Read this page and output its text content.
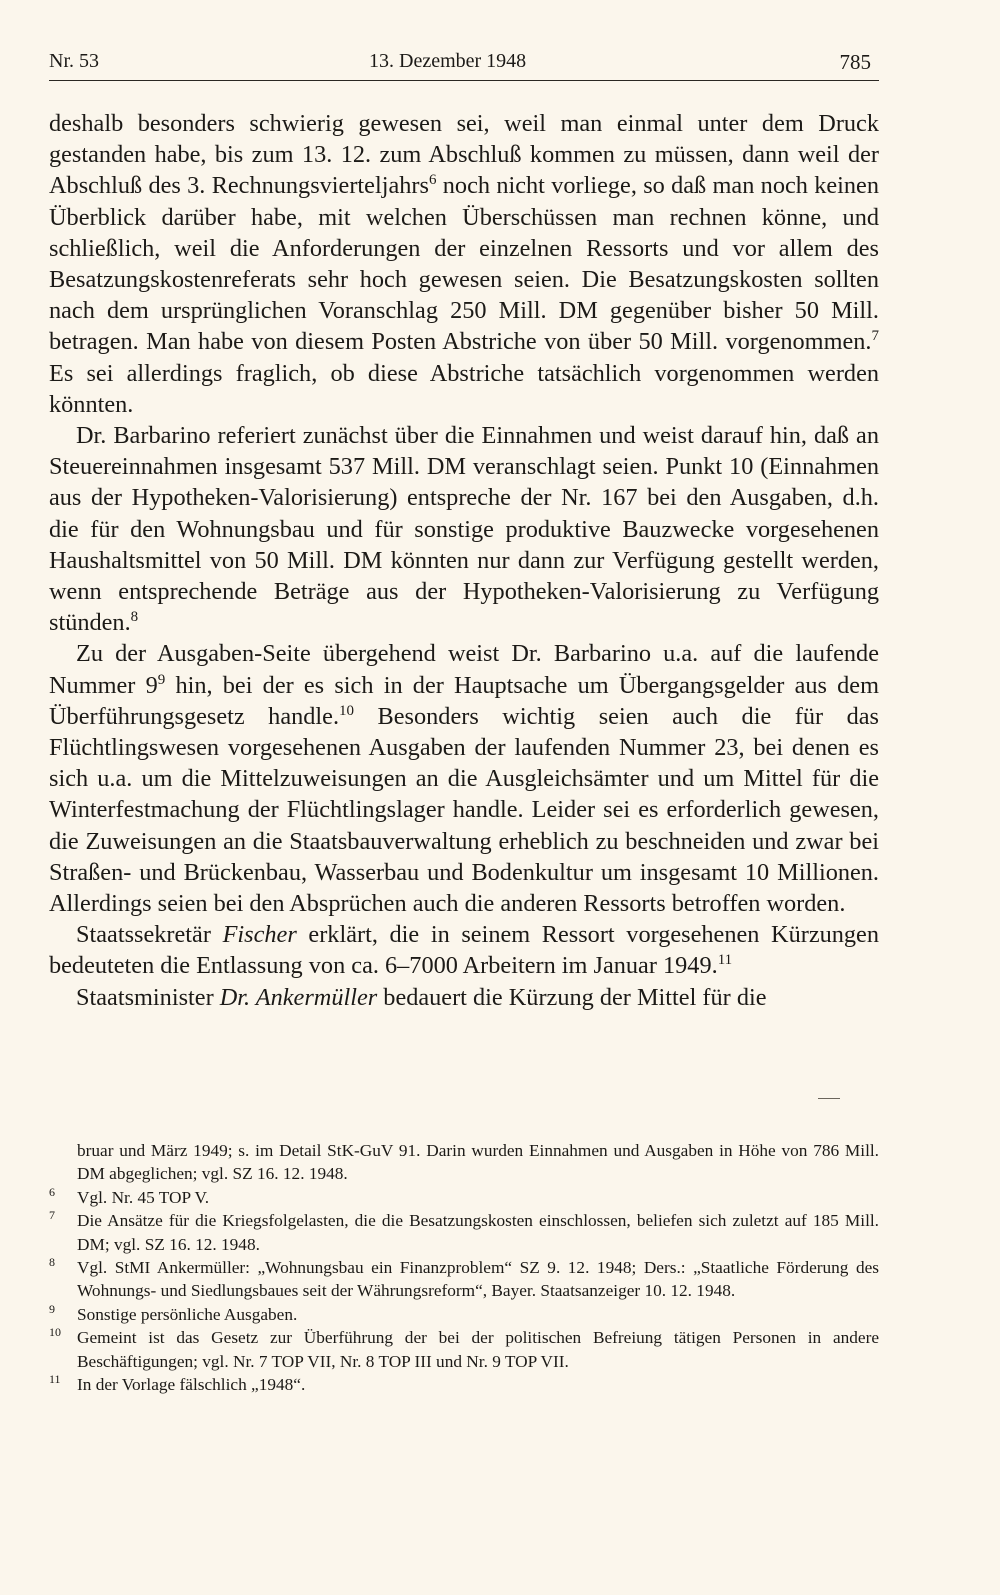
Nr. 53	13. Dezember 1948	785

deshalb besonders schwierig gewesen sei, weil man einmal unter dem Druck gestanden habe, bis zum 13. 12. zum Abschluß kommen zu müssen, dann weil der Abschluß des 3. Rechnungsvierteljahrs$^6$ noch nicht vorliege, so daß man noch keinen Überblick darüber habe, mit welchen Überschüssen man rechnen könne, und schließlich, weil die Anforderungen der einzelnen Ressorts und vor allem des Besatzungskostenreferats sehr hoch gewesen seien. Die Besatzungskosten sollten nach dem ursprünglichen Voranschlag 250 Mill. DM gegenüber bisher 50 Mill. betragen. Man habe von diesem Posten Abstriche von über 50 Mill. vorgenommen.$^7$ Es sei allerdings fraglich, ob diese Abstriche tatsächlich vorgenommen werden könnten.

Dr. Barbarino referiert zunächst über die Einnahmen und weist darauf hin, daß an Steuereinnahmen insgesamt 537 Mill. DM veranschlagt seien. Punkt 10 (Einnahmen aus der Hypotheken-Valorisierung) entspreche der Nr. 167 bei den Ausgaben, d.h. die für den Wohnungsbau und für sonstige produktive Bauzwecke vorgesehenen Haushaltsmittel von 50 Mill. DM könnten nur dann zur Verfügung gestellt werden, wenn entsprechende Beträge aus der Hypotheken-Valorisierung zu Verfügung stünden.$^8$

Zu der Ausgaben-Seite übergehend weist Dr. Barbarino u.a. auf die laufende Nummer $9^9$ hin, bei der es sich in der Hauptsache um Übergangsgelder aus dem Überführungsgesetz handle.$^{10}$ Besonders wichtig seien auch die für das Flüchtlingswesen vorgesehenen Ausgaben der laufenden Nummer 23, bei denen es sich u.a. um die Mittelzuweisungen an die Ausgleichsämter und um Mittel für die Winterfestmachung der Flüchtlingslager handle. Leider sei es erforderlich gewesen, die Zuweisungen an die Staatsbauverwaltung erheblich zu beschneiden und zwar bei Straßen- und Brückenbau, Wasserbau und Bodenkultur um insgesamt 10 Millionen. Allerdings seien bei den Absprüchen auch die anderen Ressorts betroffen worden.

Staatssekretär Fischer erklärt, die in seinem Ressort vorgesehenen Kürzungen bedeuteten die Entlassung von ca. 6–7000 Arbeitern im Januar 1949.11

Staatsminister Dr. Ankermüller bedauert die Kürzung der Mittel für die

bruar und März 1949; s. im Detail StK-GuV 91. Darin wurden Einnahmen und Ausgaben in Höhe von 786 Mill. DM abgeglichen; vgl. SZ 16. 12. 1948.
6 Vgl. Nr. 45 TOP V.
7 Die Ansätze für die Kriegsfolgelasten, die die Besatzungskosten einschlossen, beliefen sich zuletzt auf 185 Mill. DM; vgl. SZ 16. 12. 1948.
8 Vgl. StMI Ankermüller: „Wohnungsbau ein Finanzproblem“ SZ 9. 12. 1948; Ders.: „Staatliche Förderung des Wohnungs- und Siedlungsbaues seit der Währungsreform“, Bayer. Staatsanzeiger 10. 12. 1948.
9 Sonstige persönliche Ausgaben.
10 Gemeint ist das Gesetz zur Überführung der bei der politischen Befreiung tätigen Personen in andere Beschäftigungen; vgl. Nr. 7 TOP VII, Nr. 8 TOP III und Nr. 9 TOP VII.
11 In der Vorlage fälschlich „1948“.
